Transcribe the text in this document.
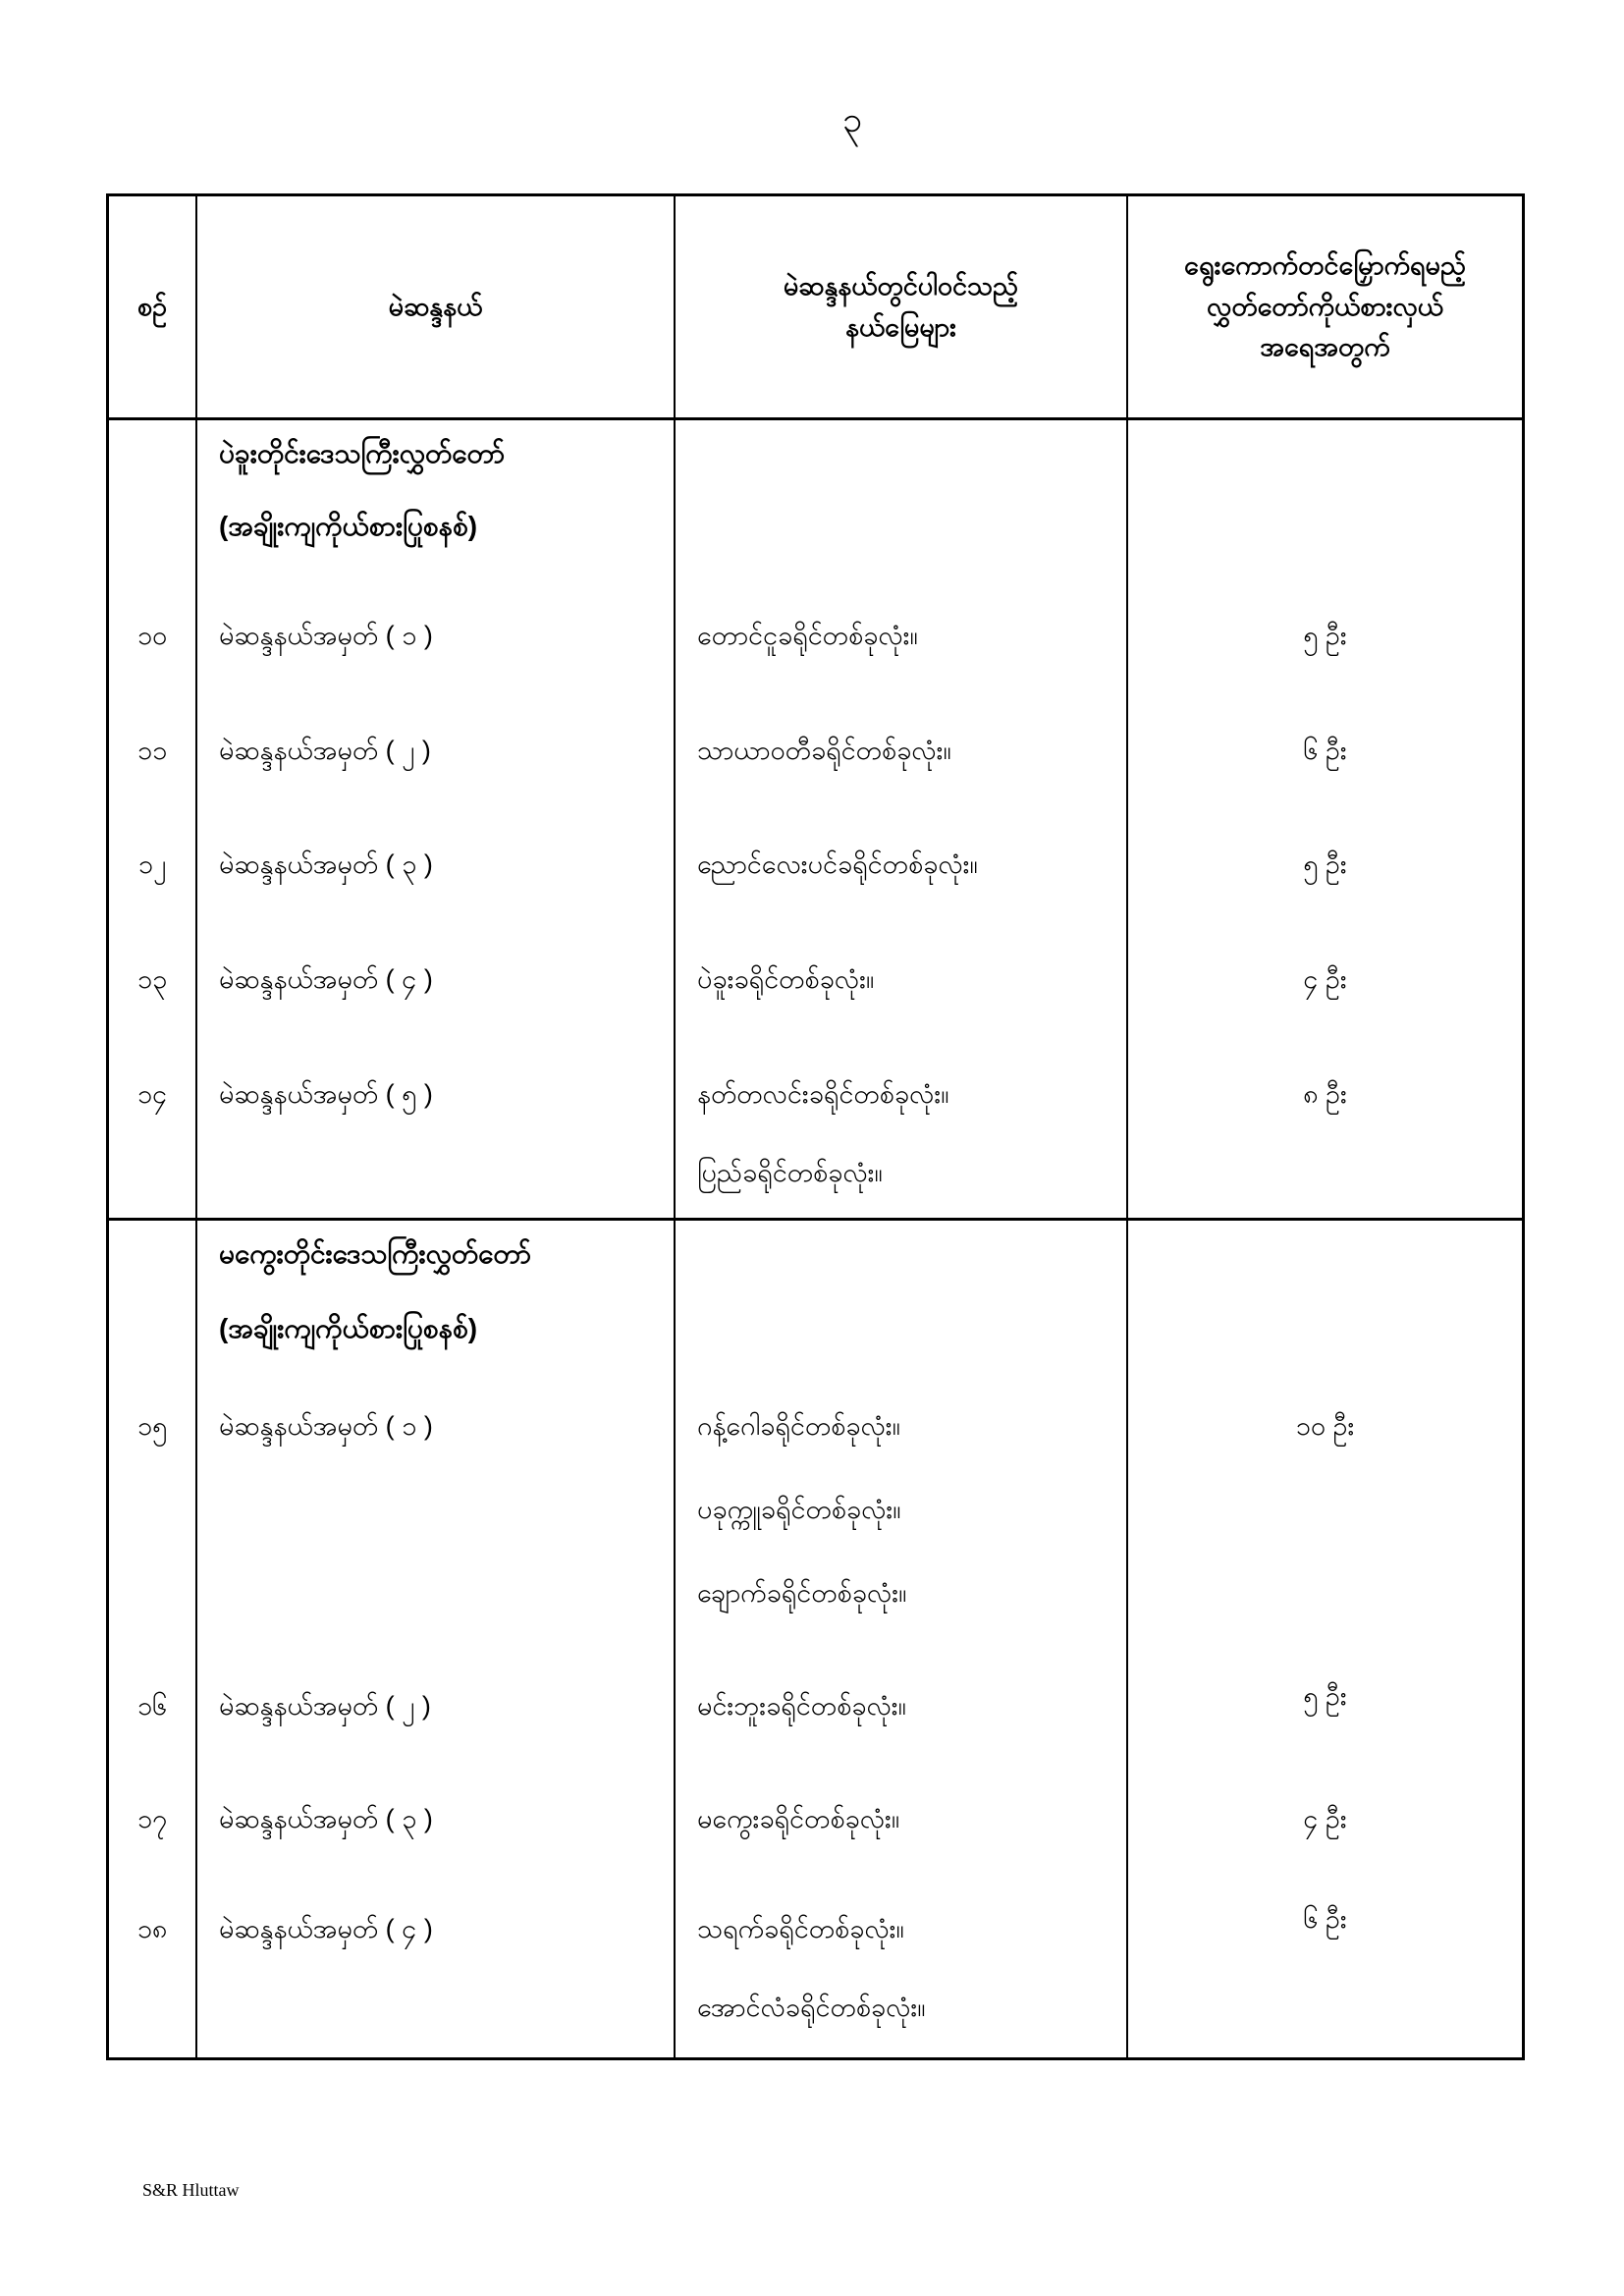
၃
စဉ်	မဲဆန္ဒနယ်
မဲဆန္ဒနယ်တွင်ပါဝင်သည့်
နယ်မြေများ
ရွေးကောက်တင်မြှောက်ရမည့်
လွှတ်တော်ကိုယ်စားလှယ်
အရေအတွက်
၁၀
၁၁
၁၂
၁၃
၁၄
ပဲခူးတိုင်းဒေသကြီးလွှတ်တော်
(အချိုးကျကိုယ်စားပြုစနစ်)
မဲဆန္ဒနယ်အမှတ် ( ၁ )
မဲဆန္ဒနယ်အမှတ် ( ၂ )
မဲဆန္ဒနယ်အမှတ် ( ၃ )
မဲဆန္ဒနယ်အမှတ် ( ၄ )
မဲဆန္ဒနယ်အမှတ် ( ၅ )
တောင်ငူခရိုင်တစ်ခုလုံး။
သာယာဝတီခရိုင်တစ်ခုလုံး။
ညောင်လေးပင်ခရိုင်တစ်ခုလုံး။
ပဲခူးခရိုင်တစ်ခုလုံး။
နတ်တလင်းခရိုင်တစ်ခုလုံး။
ပြည်ခရိုင်တစ်ခုလုံး။
၅ ဦး
၆ ဦး
၅ ဦး
၄ ဦး
၈ ဦး
၁၅
၁၆
၁၇
၁၈
မကွေးတိုင်းဒေသကြီးလွှတ်တော်
(အချိုးကျကိုယ်စားပြုစနစ်)
မဲဆန္ဒနယ်အမှတ် ( ၁ )
မဲဆန္ဒနယ်အမှတ် ( ၂ )
မဲဆန္ဒနယ်အမှတ် ( ၃ )
မဲဆန္ဒနယ်အမှတ် ( ၄ )
ဂန့်ဂေါခရိုင်တစ်ခုလုံး။
ပခုက္ကူခရိုင်တစ်ခုလုံး။
ချောက်ခရိုင်တစ်ခုလုံး။
မင်းဘူးခရိုင်တစ်ခုလုံး။
မကွေးခရိုင်တစ်ခုလုံး။
သရက်ခရိုင်တစ်ခုလုံး။
အောင်လံခရိုင်တစ်ခုလုံး။
၁၀ ဦး
၅ ဦး
၄ ဦး
၆ ဦး
S&R Hluttaw
